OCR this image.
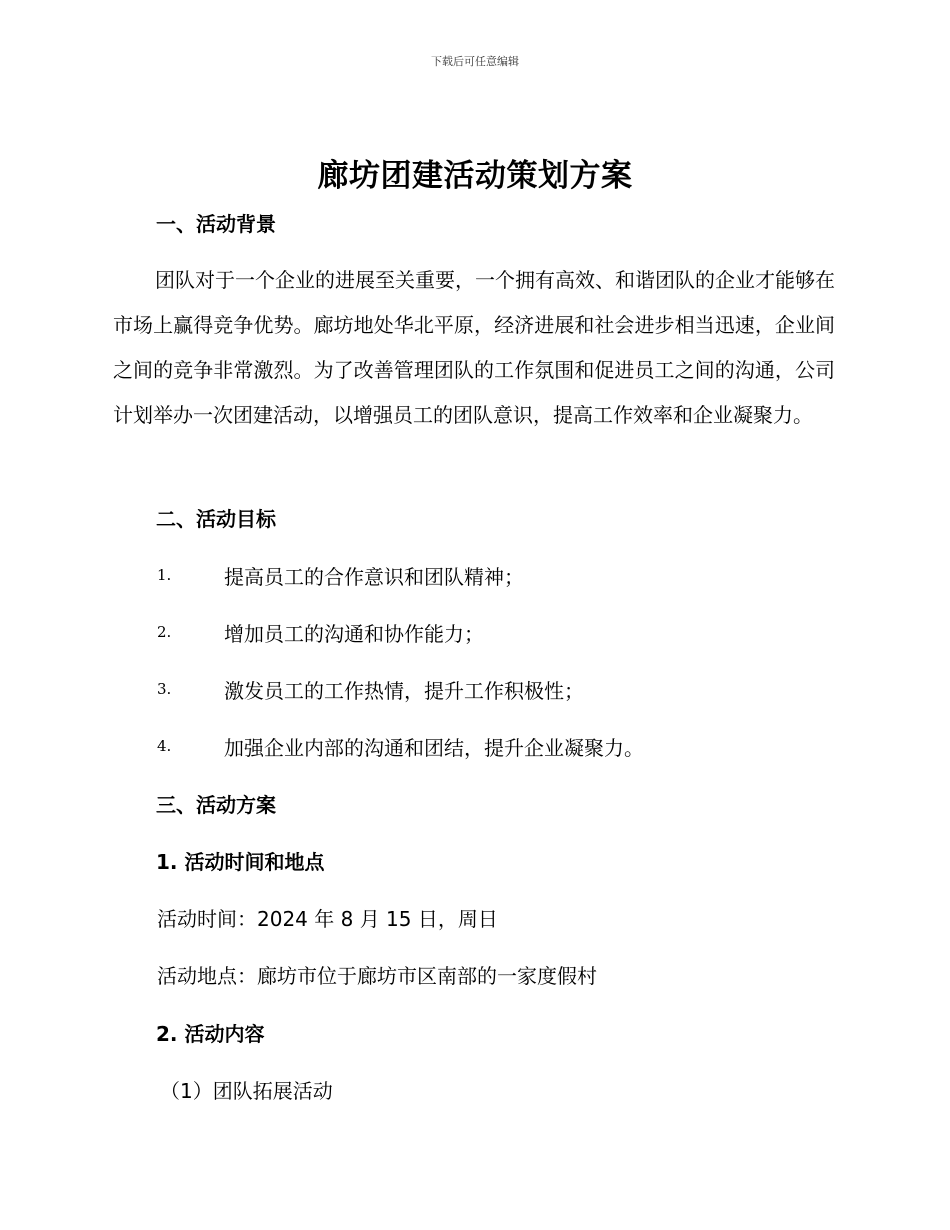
下载后可任意编辑
廊坊团建活动策划方案
一、活动背景
团队对于一个企业的进展至关重要，一个拥有高效、和谐团队的企业才能够在市场上赢得竞争优势。廊坊地处华北平原，经济进展和社会进步相当迅速，企业间之间的竞争非常激烈。为了改善管理团队的工作氛围和促进员工之间的沟通，公司计划举办一次团建活动，以增强员工的团队意识，提高工作效率和企业凝聚力。
二、活动目标
1.	提高员工的合作意识和团队精神；
2.	增加员工的沟通和协作能力；
3.	激发员工的工作热情，提升工作积极性；
4.	加强企业内部的沟通和团结，提升企业凝聚力。
三、活动方案
1. 活动时间和地点
活动时间：2024 年 8 月 15 日，周日
活动地点：廊坊市位于廊坊市区南部的一家度假村
2. 活动内容
（1）团队拓展活动
